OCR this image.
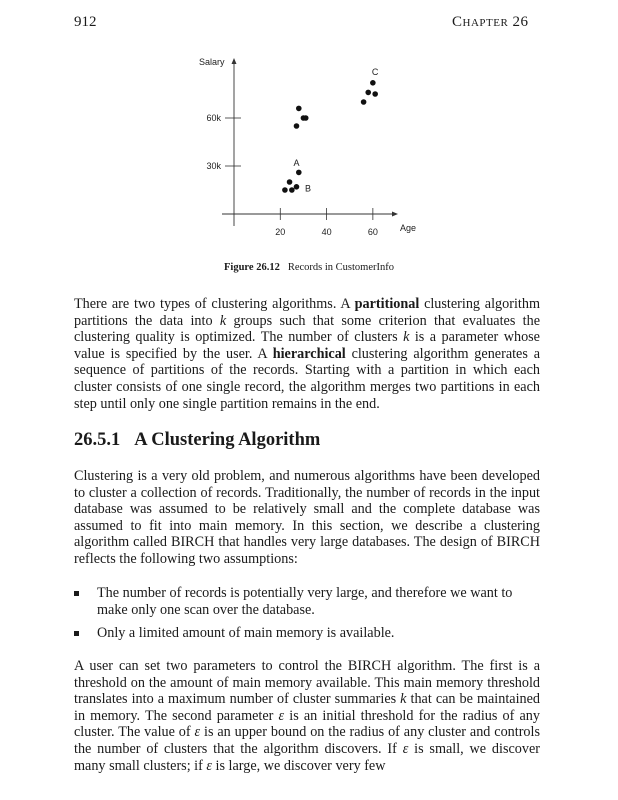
912	Chapter 26
20	40	60
30k
60k
Salary
Age
A
B
C
Figure 26.12 Records in CustomerInfo

There are two types of clustering algorithms. A partitional clustering algorithm partitions the data into k groups such that some criterion that evaluates the clustering quality is optimized. The number of clusters k is a parameter whose value is specified by the user. A hierarchical clustering algorithm generates a sequence of partitions of the records. Starting with a partition in which each cluster consists of one single record, the algorithm merges two partitions in each step until only one single partition remains in the end.

26.5.1 A Clustering Algorithm

Clustering is a very old problem, and numerous algorithms have been developed to cluster a collection of records. Traditionally, the number of records in the input database was assumed to be relatively small and the complete database was assumed to fit into main memory. In this section, we describe a clustering algorithm called BIRCH that handles very large databases. The design of BIRCH reflects the following two assumptions:

The number of records is potentially very large, and therefore we want to make only one scan over the database.
Only a limited amount of main memory is available.

A user can set two parameters to control the BIRCH algorithm. The first is a threshold on the amount of main memory available. This main memory threshold translates into a maximum number of cluster summaries k that can be maintained in memory. The second parameter ε is an initial threshold for the radius of any cluster. The value of ε is an upper bound on the radius of any cluster and controls the number of clusters that the algorithm discovers. If ε is small, we discover many small clusters; if ε is large, we discover very few
